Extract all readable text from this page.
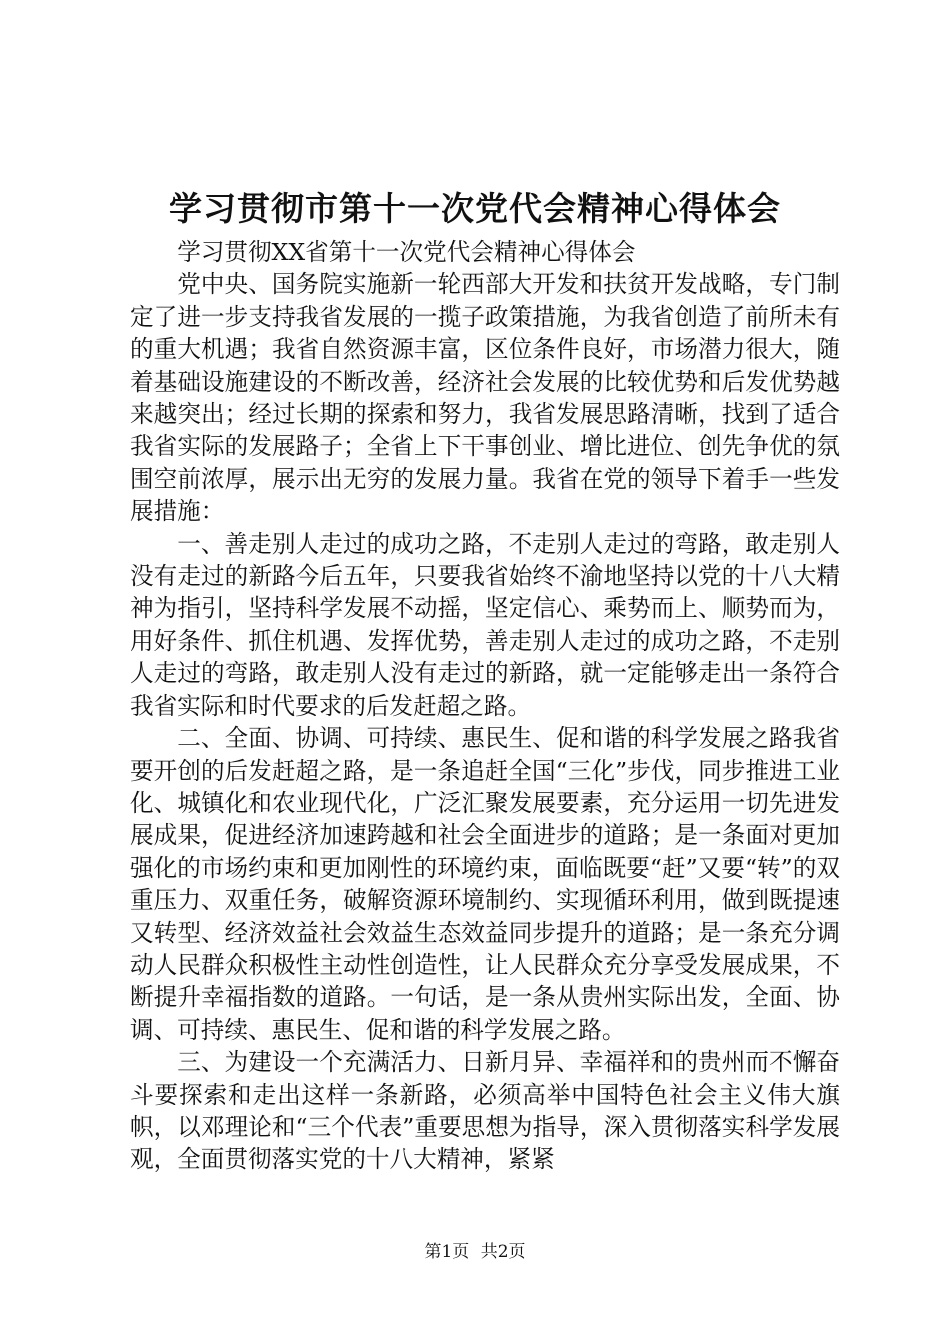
学习贯彻市第十一次党代会精神心得体会

学习贯彻XX省第十一次党代会精神心得体会

党中央、国务院实施新一轮西部大开发和扶贫开发战略，专门制定了进一步支持我省发展的一揽子政策措施，为我省创造了前所未有的重大机遇；我省自然资源丰富，区位条件良好，市场潜力很大，随着基础设施建设的不断改善，经济社会发展的比较优势和后发优势越来越突出；经过长期的探索和努力，我省发展思路清晰，找到了适合我省实际的发展路子；全省上下干事创业、增比进位、创先争优的氛围空前浓厚，展示出无穷的发展力量。我省在党的领导下着手一些发展措施：

一、善走别人走过的成功之路，不走别人走过的弯路，敢走别人没有走过的新路今后五年，只要我省始终不渝地坚持以党的十八大精神为指引，坚持科学发展不动摇，坚定信心、乘势而上、顺势而为，用好条件、抓住机遇、发挥优势，善走别人走过的成功之路，不走别人走过的弯路，敢走别人没有走过的新路，就一定能够走出一条符合我省实际和时代要求的后发赶超之路。

二、全面、协调、可持续、惠民生、促和谐的科学发展之路我省要开创的后发赶超之路，是一条追赶全国“三化”步伐，同步推进工业化、城镇化和农业现代化，广泛汇聚发展要素，充分运用一切先进发展成果，促进经济加速跨越和社会全面进步的道路；是一条面对更加强化的市场约束和更加刚性的环境约束，面临既要“赶”又要“转”的双重压力、双重任务，破解资源环境制约、实现循环利用，做到既提速又转型、经济效益社会效益生态效益同步提升的道路；是一条充分调动人民群众积极性主动性创造性，让人民群众充分享受发展成果，不断提升幸福指数的道路。一句话，是一条从贵州实际出发，全面、协调、可持续、惠民生、促和谐的科学发展之路。

三、为建设一个充满活力、日新月异、幸福祥和的贵州而不懈奋斗要探索和走出这样一条新路，必须高举中国特色社会主义伟大旗帜，以邓理论和“三个代表”重要思想为指导，深入贯彻落实科学发展观，全面贯彻落实党的十八大精神，紧紧

第1页 共2页
